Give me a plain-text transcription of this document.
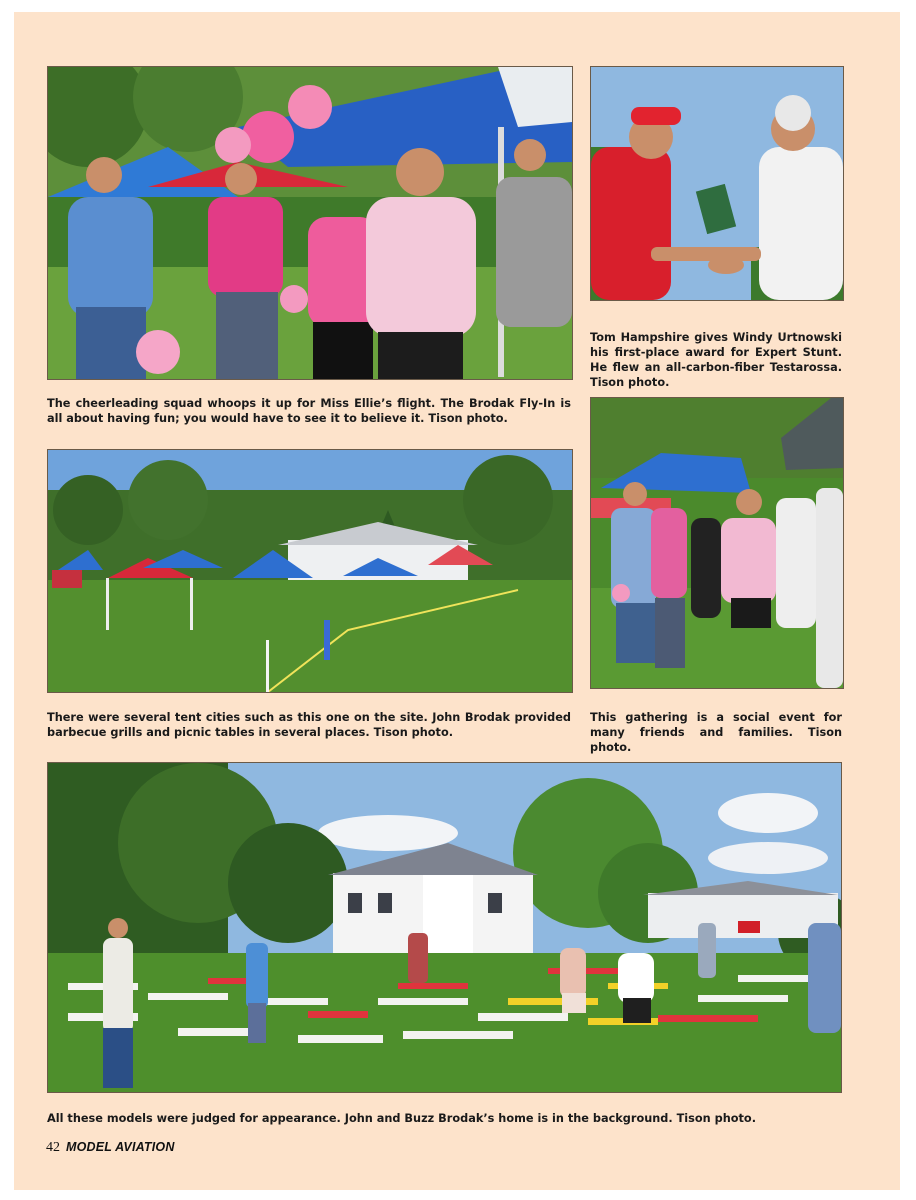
The cheerleading squad whoops it up for Miss Ellie’s flight. The Brodak Fly-In is all about having fun; you would have to see it to believe it. Tison photo.

Tom Hampshire gives Windy Urtnowski his first-place award for Expert Stunt. He flew an all-carbon-fiber Testarossa. Tison photo.

There were several tent cities such as this one on the site. John Brodak provided barbecue grills and picnic tables in several places. Tison photo.

This gathering is a social event for many friends and families. Tison photo.

All these models were judged for appearance. John and Buzz Brodak’s home is in the background. Tison photo.

42 MODEL AVIATION
